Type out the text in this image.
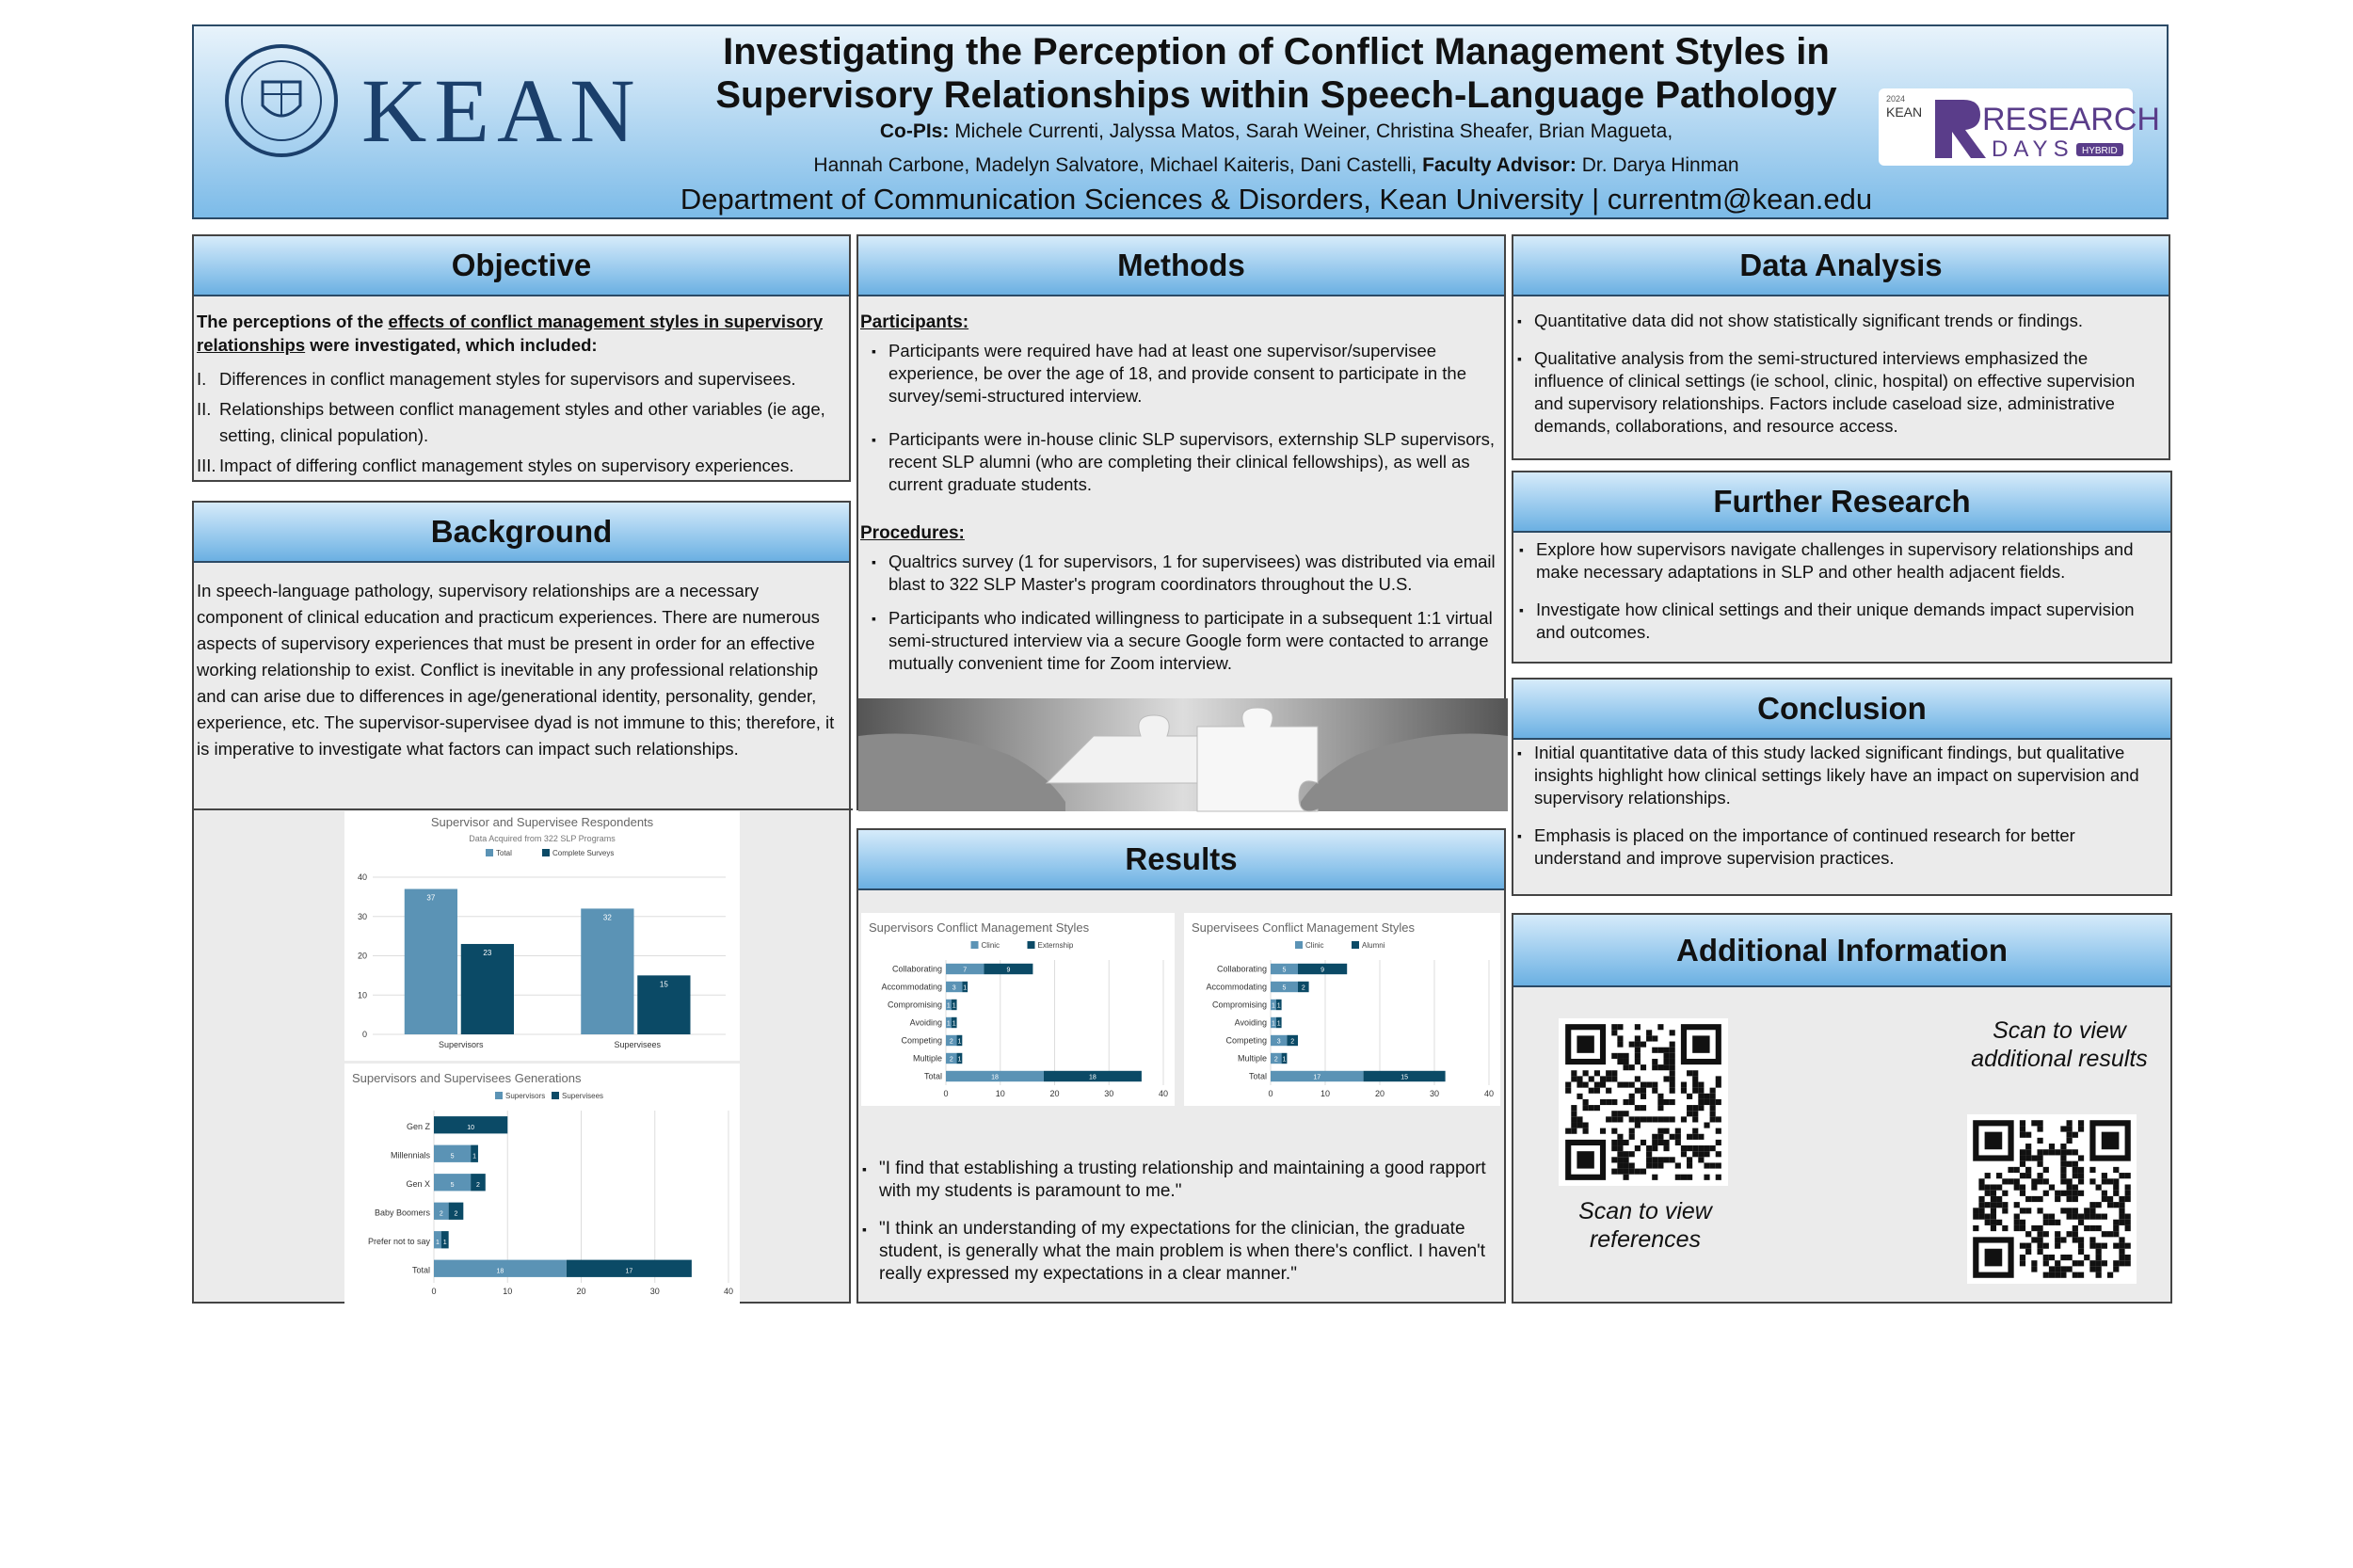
KEAN
Investigating the Perception of Conflict Management Styles in
Supervisory Relationships within Speech-Language Pathology
Co-PIs: Michele Currenti, Jalyssa Matos, Sarah Weiner, Christina Sheafer, Brian Magueta,
Hannah Carbone, Madelyn Salvatore, Michael Kaiteris, Dani Castelli, Faculty Advisor: Dr. Darya Hinman
Department of Communication Sciences & Disorders, Kean University | currentm@kean.edu
2024
KEAN RESEARCH
DAYS HYBRID
Objective
The perceptions of the effects of conflict management styles in supervisory relationships were investigated, which included:
I. Differences in conflict management styles for supervisors and supervisees.
II. Relationships between conflict management styles and other variables (ie age, setting, clinical population).
III. Impact of differing conflict management styles on supervisory experiences.
Background
In speech-language pathology, supervisory relationships are a necessary component of clinical education and practicum experiences. There are numerous aspects of supervisory experiences that must be present in order for an effective working relationship to exist. Conflict is inevitable in any professional relationship and can arise due to differences in age/generational identity, personality, gender, experience, etc. The supervisor-supervisee dyad is not immune to this; therefore, it is imperative to investigate what factors can impact such relationships.
Supervisor and Supervisee Respondents
Data Acquired from 322 SLP Programs
Total	Complete Surveys
0
10
20
30
40
37
23
Supervisors
32
15
Supervisees
Supervisors and Supervisees Generations
Supervisors Supervisees
0	10	20	30	40
Gen Z	10
Millennials	5	1
Gen X	5	2
Baby Boomers 2 2
Prefer not to say 1 1
Total	18	17
Methods
Participants:
▪ Participants were required have had at least one supervisor/supervisee experience, be over the age of 18, and provide consent to participate in the survey/semi-structured interview.
▪ Participants were in-house clinic SLP supervisors, externship SLP supervisors, recent SLP alumni (who are completing their clinical fellowships), as well as current graduate students.
Procedures:
▪ Qualtrics survey (1 for supervisors, 1 for supervisees) was distributed via email blast to 322 SLP Master's program coordinators throughout the U.S.
▪ Participants who indicated willingness to participate in a subsequent 1:1 virtual semi-structured interview via a secure Google form were contacted to arrange mutually convenient time for Zoom interview.
Results
Supervisors Conflict Management Styles
Clinic	Externship
0	10	20	30	40
Collaborating	7	9
Accommodating 3 1
Compromising 1 1
Avoiding 1 1
Competing 2 1
Multiple 2 1
Total	18	18
Supervisees Conflict Management Styles
Clinic	Alumni
0	10	20	30	40
Collaborating 5	9
Accommodating 5 2
Compromising 1 1
Avoiding 1 1
Competing 3 2
Multiple 2 1
Total	17	15
▪ "I find that establishing a trusting relationship and maintaining a good rapport with my students is paramount to me."
▪ "I think an understanding of my expectations for the clinician, the graduate student, is generally what the main problem is when there's conflict. I haven't really expressed my expectations in a clear manner."
Data Analysis
▪ Quantitative data did not show statistically significant trends or findings.
▪ Qualitative analysis from the semi-structured interviews emphasized the influence of clinical settings (ie school, clinic, hospital) on effective supervision and supervisory relationships. Factors include caseload size, administrative demands, collaborations, and resource access.
Further Research
▪ Explore how supervisors navigate challenges in supervisory relationships and make necessary adaptations in SLP and other health adjacent fields.
▪ Investigate how clinical settings and their unique demands impact supervision and outcomes.
Conclusion
▪ Initial quantitative data of this study lacked significant findings, but qualitative insights highlight how clinical settings likely have an impact on supervision and supervisory relationships.
▪ Emphasis is placed on the importance of continued research for better understand and improve supervision practices.
Additional Information
Scan to view references
Scan to view additional results
